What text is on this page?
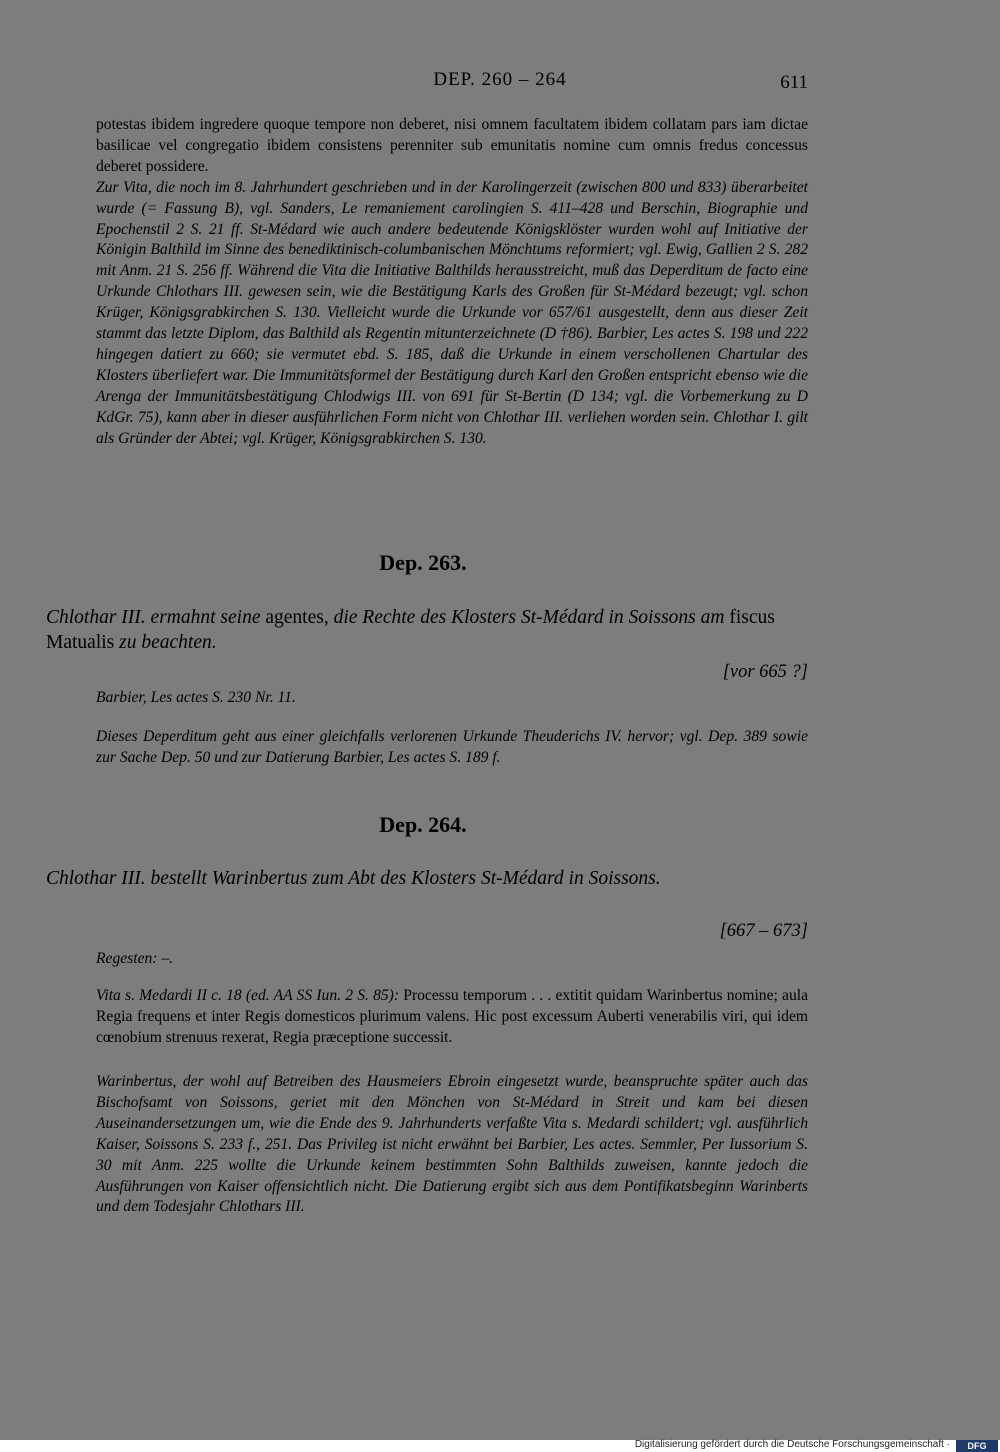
DEP. 260 – 264	611

potestas ibidem ingredere quoque tempore non deberet, nisi omnem facultatem ibidem collatam pars iam dictae basilicae vel congregatio ibidem consistens perenniter sub emunitatis nomine cum omnis fredus concessus deberet possidere.

Zur Vita, die noch im 8. Jahrhundert geschrieben und in der Karolingerzeit (zwischen 800 und 833) überarbeitet wurde (= Fassung B), vgl. Sanders, Le remaniement carolingien S. 411–428 und Berschin, Biographie und Epochenstil 2 S. 21 ff. St-Médard wie auch andere bedeutende Königsklöster wurden wohl auf Initiative der Königin Balthild im Sinne des benediktinisch-columbanischen Mönchtums reformiert; vgl. Ewig, Gallien 2 S. 282 mit Anm. 21 S. 256 ff. Während die Vita die Initiative Balthilds herausstreicht, muß das Deperditum de facto eine Urkunde Chlothars III. gewesen sein, wie die Bestätigung Karls des Großen für St-Médard bezeugt; vgl. schon Krüger, Königsgrabkirchen S. 130. Vielleicht wurde die Urkunde vor 657/61 ausgestellt, denn aus dieser Zeit stammt das letzte Diplom, das Balthild als Regentin mitunterzeichnete (D †86). Barbier, Les actes S. 198 und 222 hingegen datiert zu 660; sie vermutet ebd. S. 185, daß die Urkunde in einem verschollenen Chartular des Klosters überliefert war. Die Immunitätsformel der Bestätigung durch Karl den Großen entspricht ebenso wie die Arenga der Immunitätsbestätigung Chlodwigs III. von 691 für St-Bertin (D 134; vgl. die Vorbemerkung zu D KdGr. 75), kann aber in dieser ausführlichen Form nicht von Chlothar III. verliehen worden sein. Chlothar I. gilt als Gründer der Abtei; vgl. Krüger, Königsgrabkirchen S. 130.

Dep. 263.
Chlothar III. ermahnt seine agentes, die Rechte des Klosters St-Médard in Soissons am fiscus Matualis zu beachten.
[vor 665 ?]
Barbier, Les actes S. 230 Nr. 11.
Dieses Deperditum geht aus einer gleichfalls verlorenen Urkunde Theuderichs IV. hervor; vgl. Dep. 389 sowie zur Sache Dep. 50 und zur Datierung Barbier, Les actes S. 189 f.
Dep. 264.
Chlothar III. bestellt Warinbertus zum Abt des Klosters St-Médard in Soissons.
[667 – 673]
Regesten: –.
Vita s. Medardi II c. 18 (ed. AA SS Iun. 2 S. 85): Processu temporum . . . extitit quidam Warinbertus nomine; aula Regia frequens et inter Regis domesticos plurimum valens. Hic post excessum Auberti venerabilis viri, qui idem cœnobium strenuus rexerat, Regia præceptione successit.
Warinbertus, der wohl auf Betreiben des Hausmeiers Ebroin eingesetzt wurde, beanspruchte später auch das Bischofsamt von Soissons, geriet mit den Mönchen von St-Médard in Streit und kam bei diesen Auseinandersetzungen um, wie die Ende des 9. Jahrhunderts verfaßte Vita s. Medardi schildert; vgl. ausführlich Kaiser, Soissons S. 233 f., 251. Das Privileg ist nicht erwähnt bei Barbier, Les actes. Semmler, Per Iussorium S. 30 mit Anm. 225 wollte die Urkunde keinem bestimmten Sohn Balthilds zuweisen, kannte jedoch die Ausführungen von Kaiser offensichtlich nicht. Die Datierung ergibt sich aus dem Pontifikatsbeginn Warinberts und dem Todesjahr Chlothars III.
Digitalisierung gefördert durch die Deutsche Forschungsgemeinschaft ·	DFG
